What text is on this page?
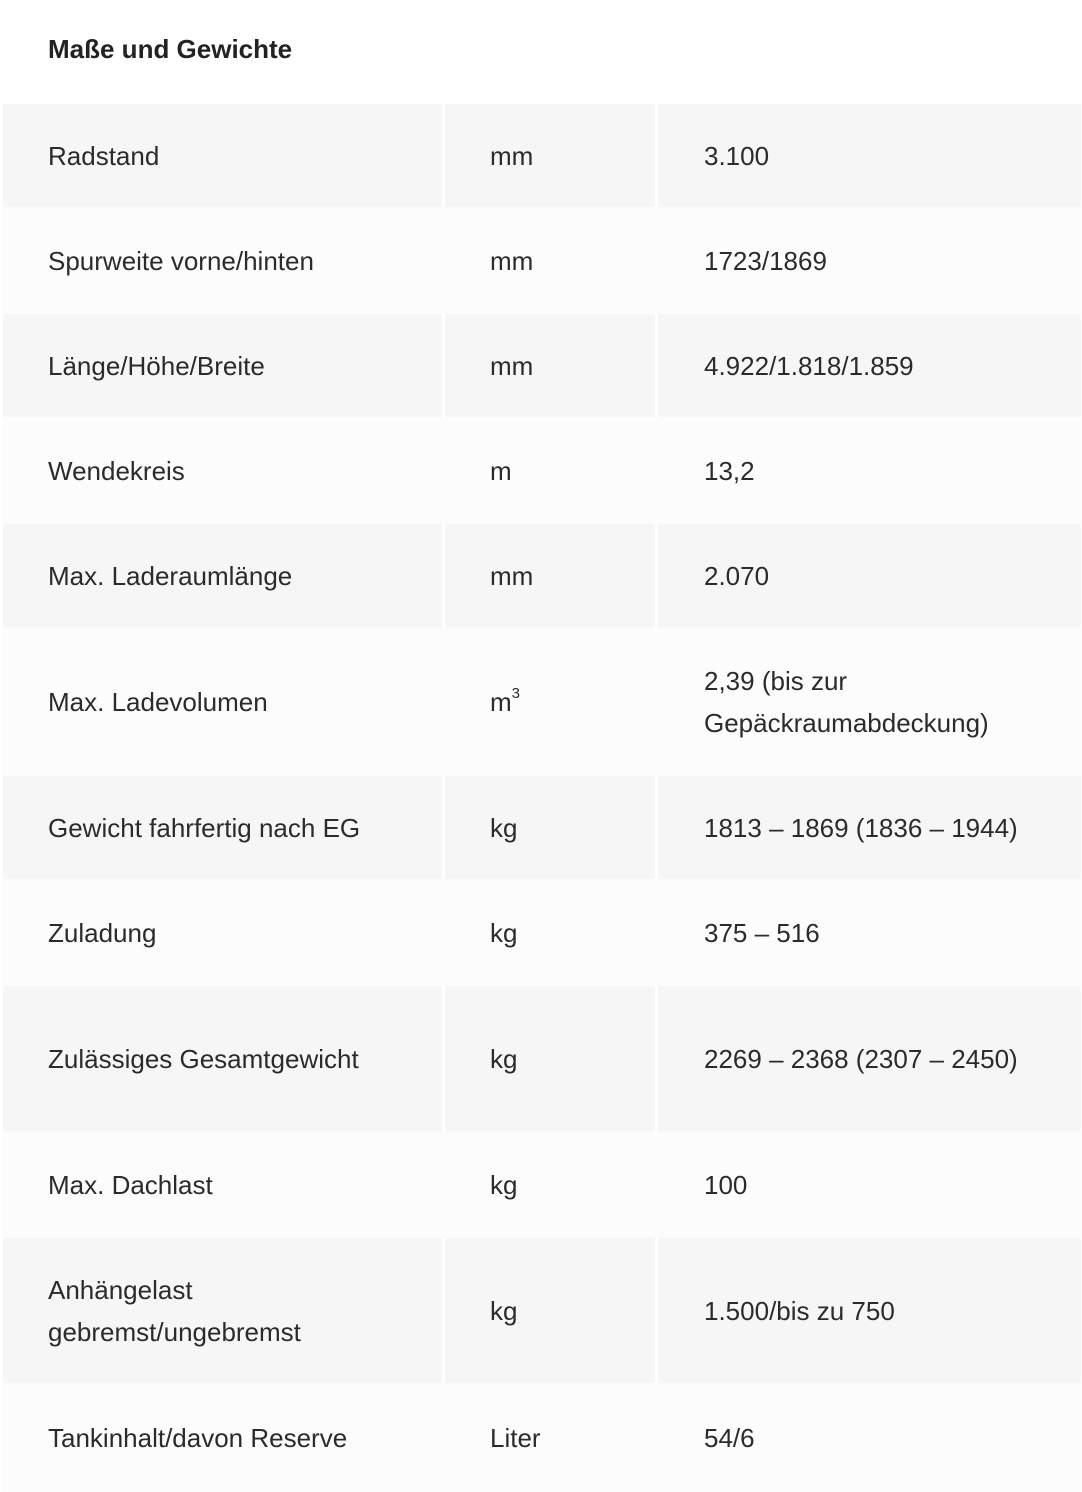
Maße und Gewichte
Radstand	mm	3.100
Spurweite vorne/hinten	mm	1723/1869
Länge/Höhe/Breite	mm	4.922/1.818/1.859
Wendekreis	m	13,2
Max. Laderaumlänge	mm	2.070
Max. Ladevolumen	$m^3$	2,39 (bis zur Gepäckraumabdeckung)
Gewicht fahrfertig nach EG	kg	1813 – 1869 (1836 – 1944)
Zuladung	kg	375 – 516
Zulässiges Gesamtgewicht	kg	2269 – 2368 (2307 – 2450)
Max. Dachlast	kg	100
Anhängelast gebremst/ungebremst	kg	1.500/bis zu 750
Tankinhalt/davon Reserve	Liter	54/6
